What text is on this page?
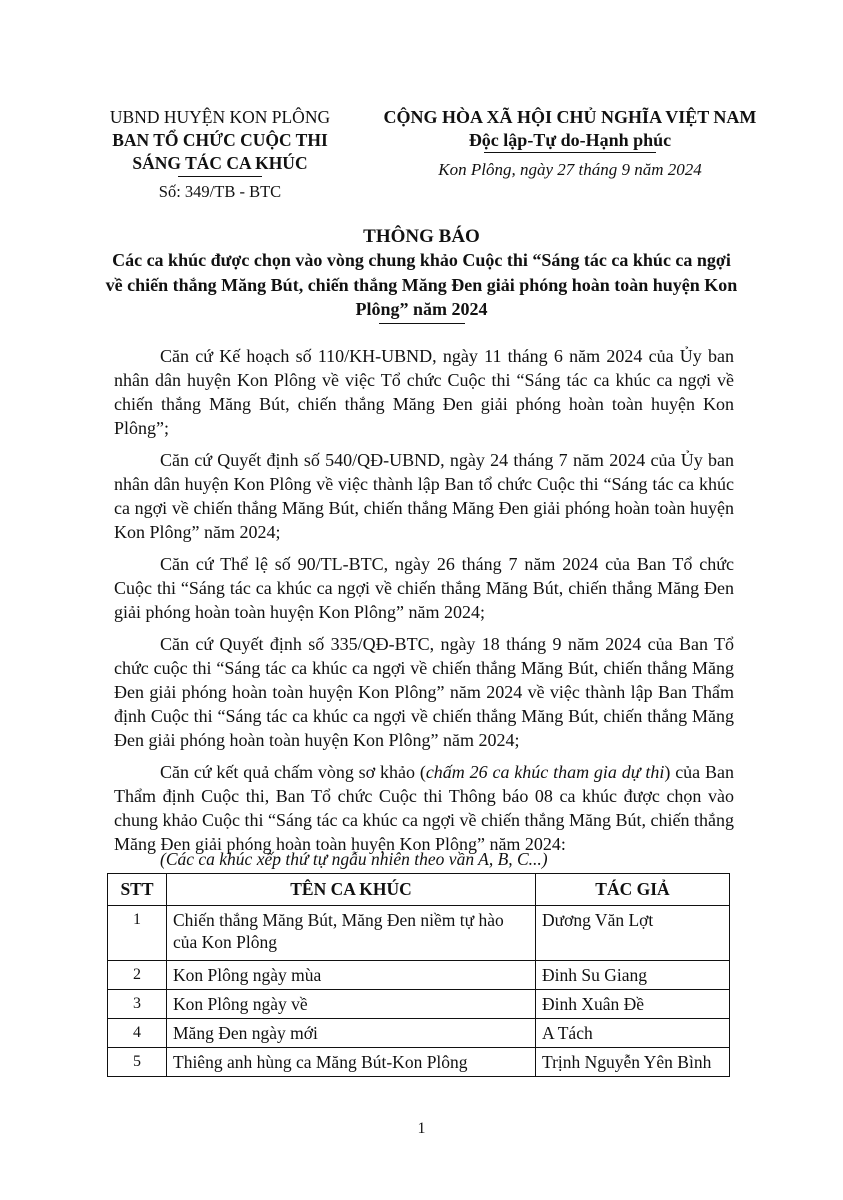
UBND HUYỆN KON PLÔNG
BAN TỔ CHỨC CUỘC THI
SÁNG TÁC CA KHÚC
Số: 349/TB - BTC
CỘNG HÒA XÃ HỘI CHỦ NGHĨA VIỆT NAM
Độc lập-Tự do-Hạnh phúc
Kon Plông, ngày 27 tháng 9 năm 2024
THÔNG BÁO
Các ca khúc được chọn vào vòng chung khảo Cuộc thi “Sáng tác ca khúc ca ngợi về chiến thắng Măng Bút, chiến thắng Măng Đen giải phóng hoàn toàn huyện Kon Plông” năm 2024

Căn cứ Kế hoạch số 110/KH-UBND, ngày 11 tháng 6 năm 2024 của Ủy ban nhân dân huyện Kon Plông về việc Tổ chức Cuộc thi “Sáng tác ca khúc ca ngợi về chiến thắng Măng Bút, chiến thắng Măng Đen giải phóng hoàn toàn huyện Kon Plông”;

Căn cứ Quyết định số 540/QĐ-UBND, ngày 24 tháng 7 năm 2024 của Ủy ban nhân dân huyện Kon Plông về việc thành lập Ban tổ chức Cuộc thi “Sáng tác ca khúc ca ngợi về chiến thắng Măng Bút, chiến thắng Măng Đen giải phóng hoàn toàn huyện Kon Plông” năm 2024;

Căn cứ Thể lệ số 90/TL-BTC, ngày 26 tháng 7 năm 2024 của Ban Tổ chức Cuộc thi “Sáng tác ca khúc ca ngợi về chiến thắng Măng Bút, chiến thắng Măng Đen giải phóng hoàn toàn huyện Kon Plông” năm 2024;

Căn cứ Quyết định số 335/QĐ-BTC, ngày 18 tháng 9 năm 2024 của Ban Tổ chức cuộc thi “Sáng tác ca khúc ca ngợi về chiến thắng Măng Bút, chiến thắng Măng Đen giải phóng hoàn toàn huyện Kon Plông” năm 2024 về việc thành lập Ban Thẩm định Cuộc thi “Sáng tác ca khúc ca ngợi về chiến thắng Măng Bút, chiến thắng Măng Đen giải phóng hoàn toàn huyện Kon Plông” năm 2024;

Căn cứ kết quả chấm vòng sơ khảo (chấm 26 ca khúc tham gia dự thi) của Ban Thẩm định Cuộc thi, Ban Tổ chức Cuộc thi Thông báo 08 ca khúc được chọn vào chung khảo Cuộc thi “Sáng tác ca khúc ca ngợi về chiến thắng Măng Bút, chiến thắng Măng Đen giải phóng hoàn toàn huyện Kon Plông” năm 2024:

(Các ca khúc xếp thứ tự ngẫu nhiên theo vần A, B, C...)
STT	TÊN CA KHÚC	TÁC GIẢ
1	Chiến thắng Măng Bút, Măng Đen niềm tự hào của Kon Plông	Dương Văn Lợt
2	Kon Plông ngày mùa	Đinh Su Giang
3	Kon Plông ngày về	Đinh Xuân Đề
4	Măng Đen ngày mới	A Tách
5	Thiêng anh hùng ca Măng Bút-Kon Plông	Trịnh Nguyễn Yên Bình
1
